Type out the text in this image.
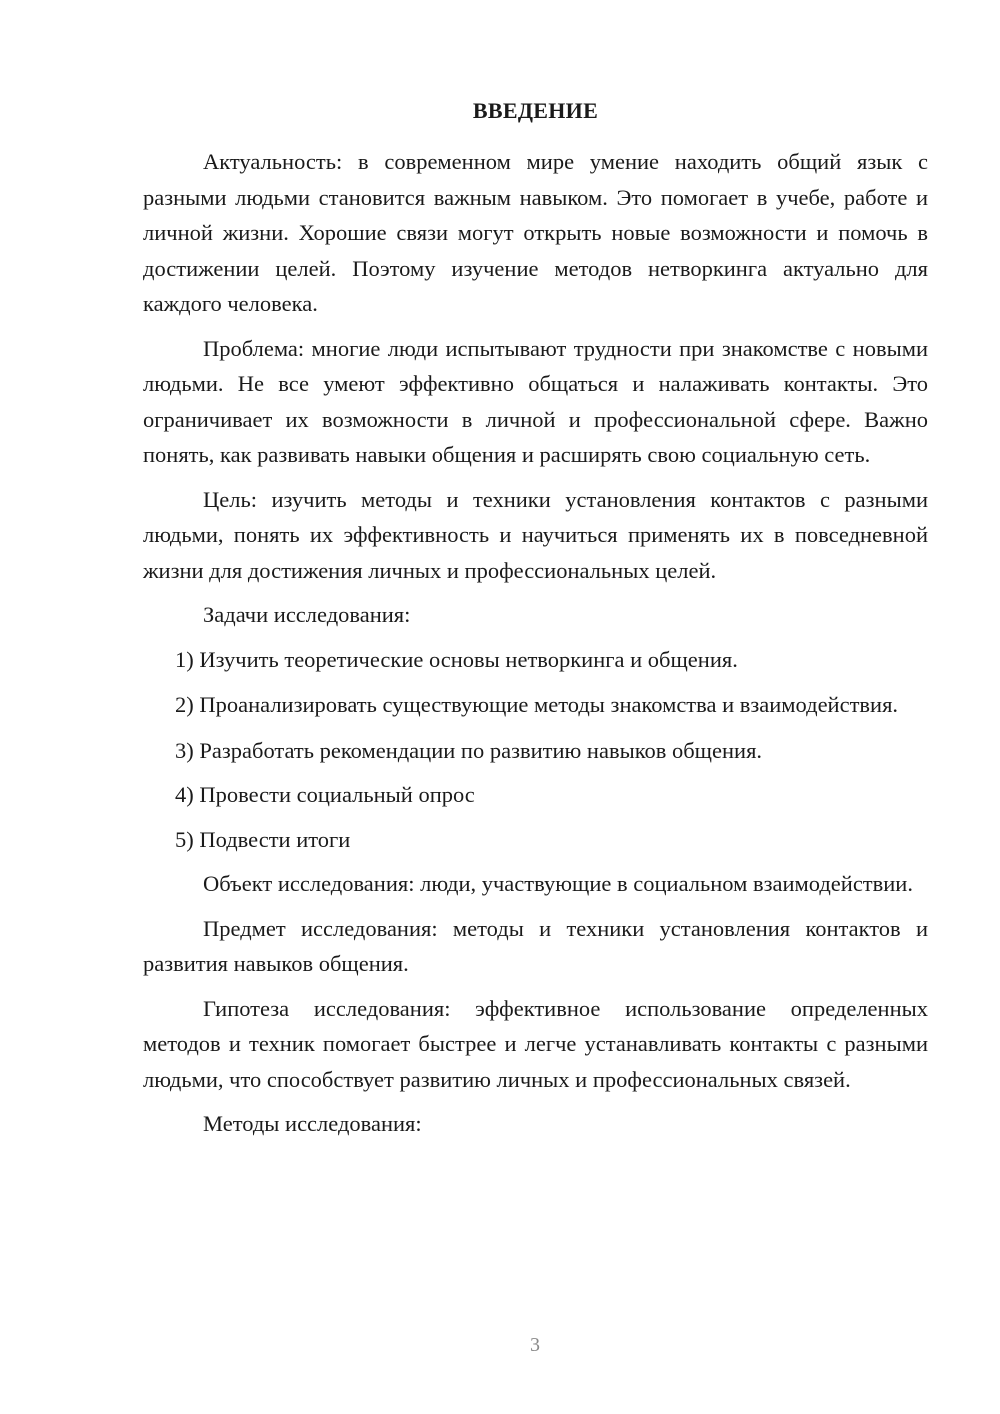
ВВЕДЕНИЕ

Актуальность: в современном мире умение находить общий язык с разными людьми становится важным навыком. Это помогает в учебе, работе и личной жизни. Хорошие связи могут открыть новые возможности и помочь в достижении целей. Поэтому изучение методов нетворкинга актуально для каждого человека.

Проблема: многие люди испытывают трудности при знакомстве с новыми людьми. Не все умеют эффективно общаться и налаживать контакты. Это ограничивает их возможности в личной и профессиональной сфере. Важно понять, как развивать навыки общения и расширять свою социальную сеть.

Цель: изучить методы и техники установления контактов с разными людьми, понять их эффективность и научиться применять их в повседневной жизни для достижения личных и профессиональных целей.

Задачи исследования:

1) Изучить теоретические основы нетворкинга и общения.

2) Проанализировать существующие методы знакомства и взаимодействия.

3) Разработать рекомендации по развитию навыков общения.

4) Провести социальный опрос

5) Подвести итоги

Объект исследования: люди, участвующие в социальном взаимодействии.

Предмет исследования: методы и техники установления контактов и развития навыков общения.

Гипотеза исследования: эффективное использование определенных методов и техник помогает быстрее и легче устанавливать контакты с разными людьми, что способствует развитию личных и профессиональных связей.

Методы исследования:

3
